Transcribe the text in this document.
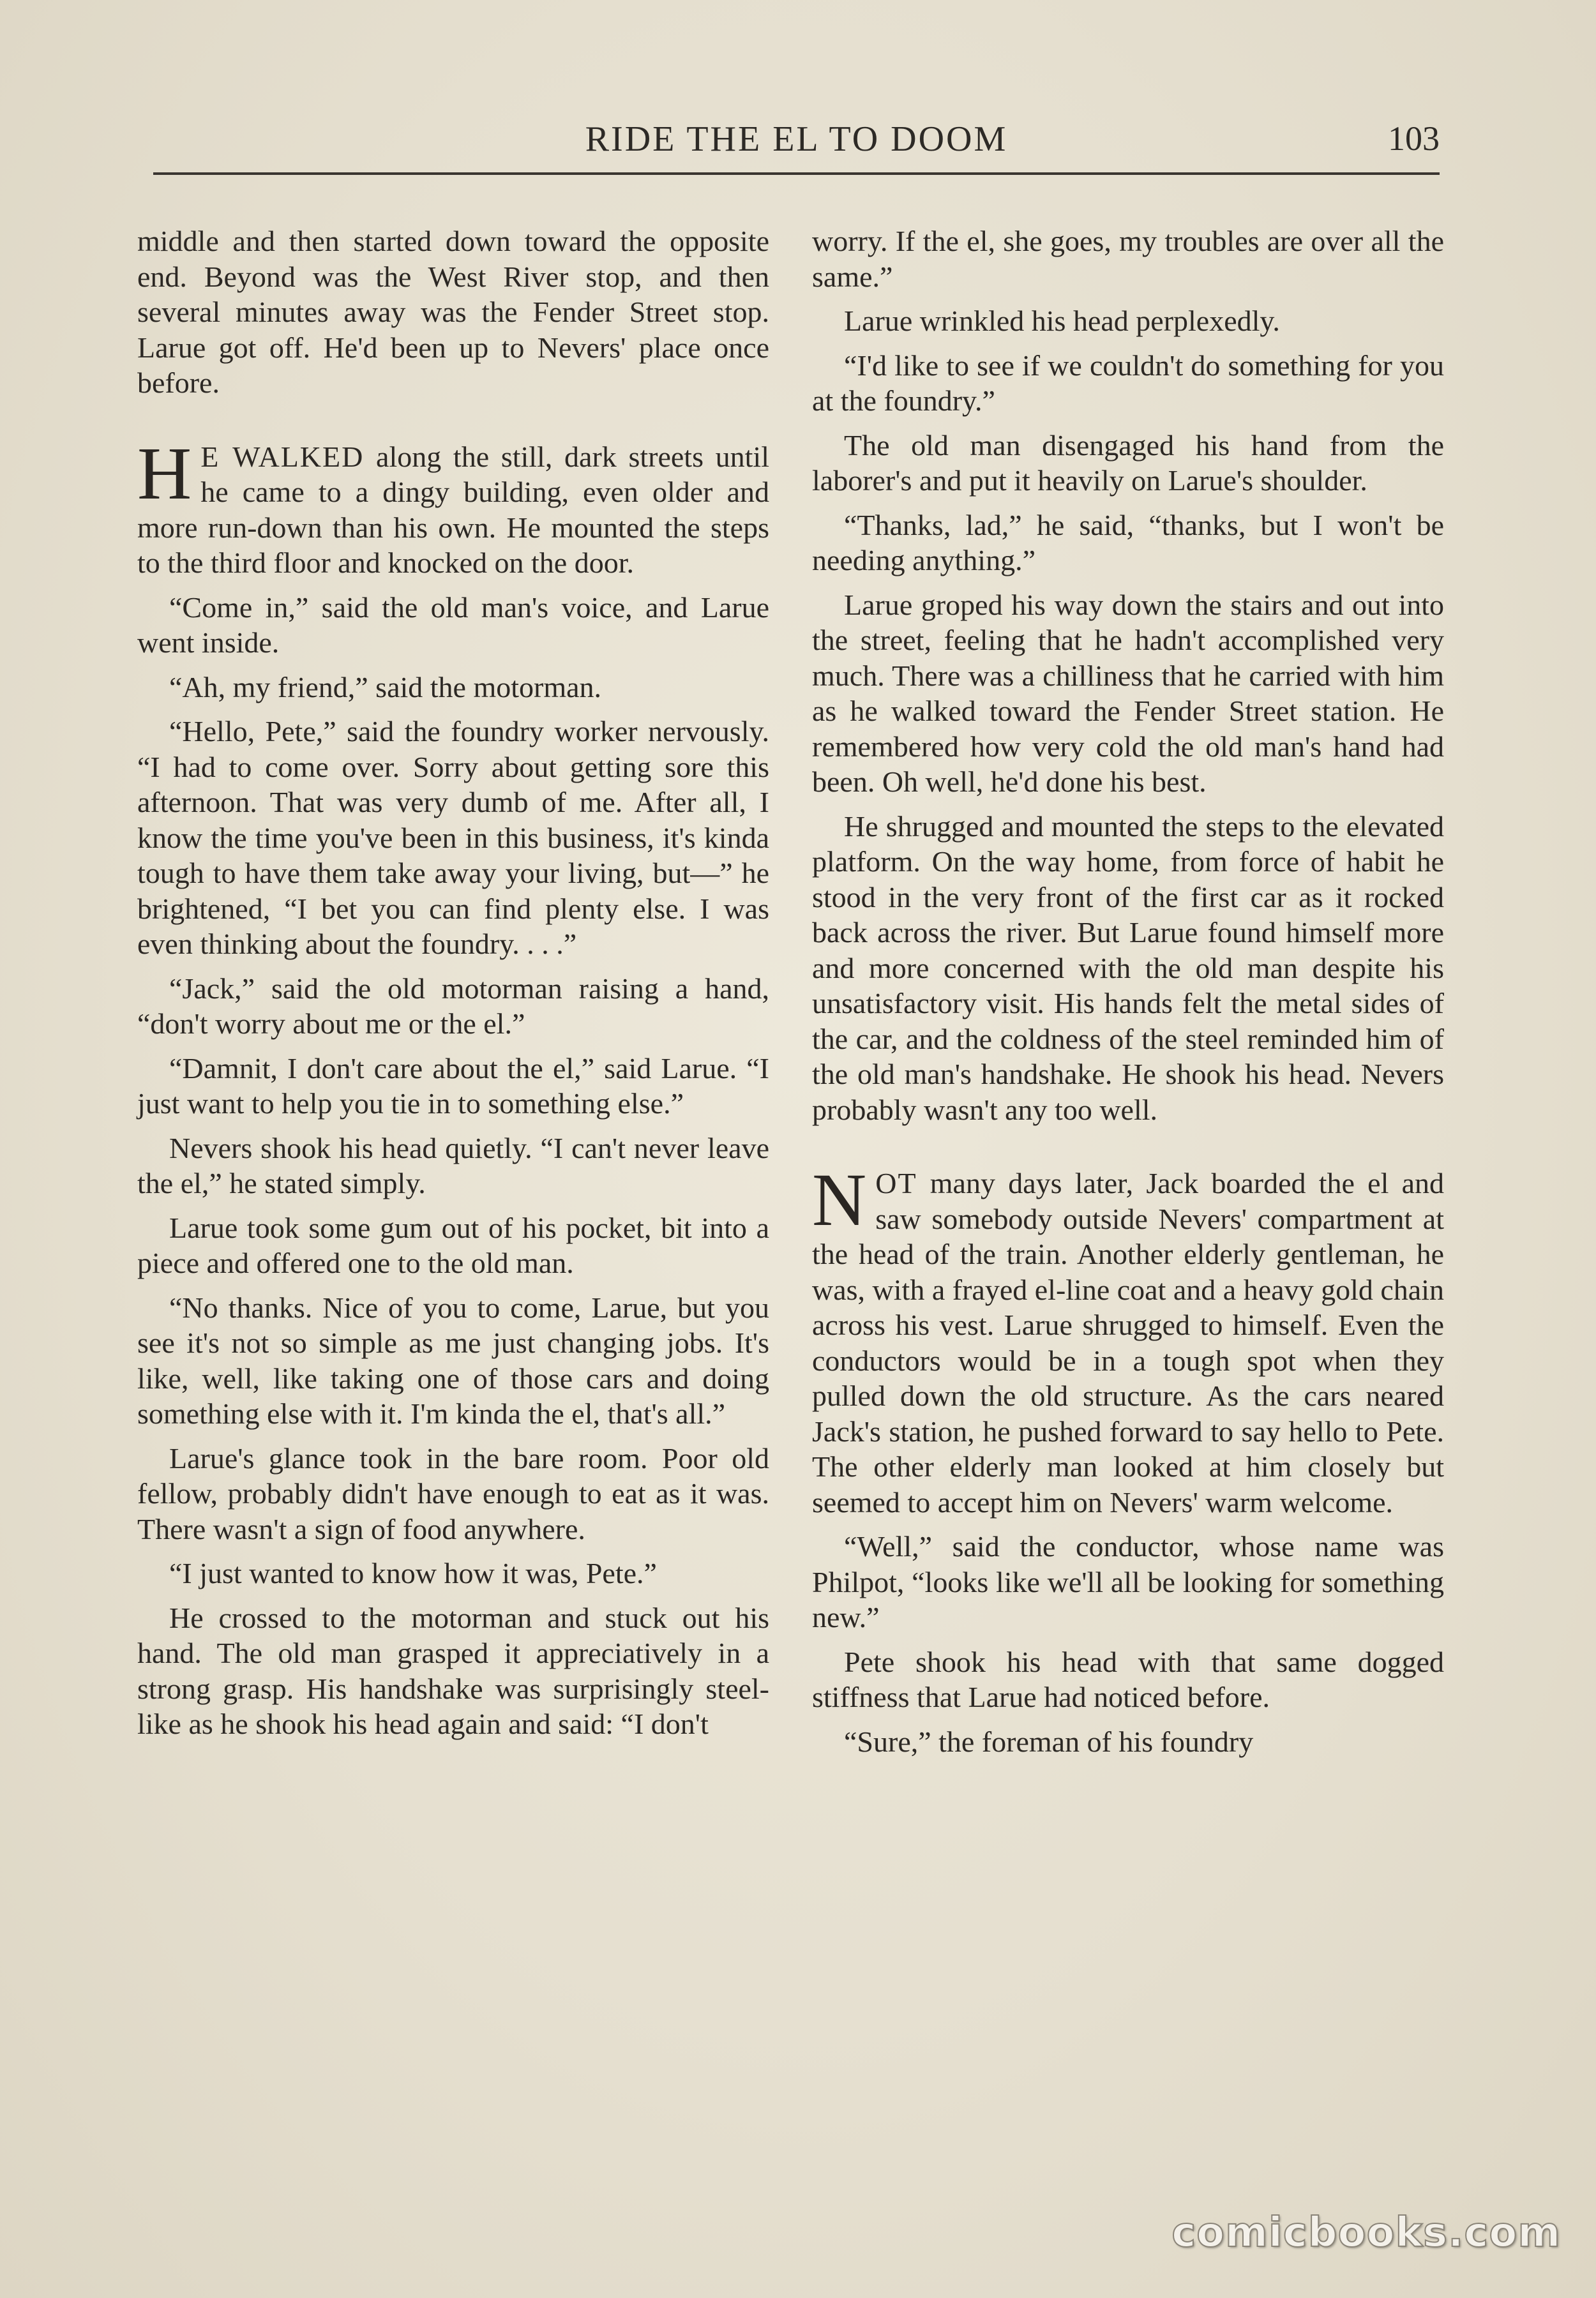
RIDE THE EL TO DOOM	103

middle and then started down toward the opposite end. Beyond was the West River stop, and then several minutes away was the Fender Street stop. Larue got off. He'd been up to Nevers' place once before.

H E WALKED along the still, dark streets until he came to a dingy building, even older and more run-down than his own. He mounted the steps to the third floor and knocked on the door.

“Come in,” said the old man's voice, and Larue went inside.

“Ah, my friend,” said the motorman.

“Hello, Pete,” said the foundry worker nervously. “I had to come over. Sorry about getting sore this afternoon. That was very dumb of me. After all, I know the time you've been in this business, it's kinda tough to have them take away your living, but—” he brightened, “I bet you can find plenty else. I was even thinking about the foundry. . . .”

“Jack,” said the old motorman raising a hand, “don't worry about me or the el.”

“Damnit, I don't care about the el,” said Larue. “I just want to help you tie in to something else.”

Nevers shook his head quietly. “I can't never leave the el,” he stated simply.

Larue took some gum out of his pocket, bit into a piece and offered one to the old man.

“No thanks. Nice of you to come, Larue, but you see it's not so simple as me just changing jobs. It's like, well, like taking one of those cars and doing something else with it. I'm kinda the el, that's all.”

Larue's glance took in the bare room. Poor old fellow, probably didn't have enough to eat as it was. There wasn't a sign of food anywhere.

“I just wanted to know how it was, Pete.”

He crossed to the motorman and stuck out his hand. The old man grasped it appreciatively in a strong grasp. His handshake was surprisingly steel-like as he shook his head again and said: “I don't

worry. If the el, she goes, my troubles are over all the same.”

Larue wrinkled his head perplexedly.

“I'd like to see if we couldn't do something for you at the foundry.”

The old man disengaged his hand from the laborer's and put it heavily on Larue's shoulder.

“Thanks, lad,” he said, “thanks, but I won't be needing anything.”

Larue groped his way down the stairs and out into the street, feeling that he hadn't accomplished very much. There was a chilliness that he carried with him as he walked toward the Fender Street station. He remembered how very cold the old man's hand had been. Oh well, he'd done his best.

He shrugged and mounted the steps to the elevated platform. On the way home, from force of habit he stood in the very front of the first car as it rocked back across the river. But Larue found himself more and more concerned with the old man despite his unsatisfactory visit. His hands felt the metal sides of the car, and the coldness of the steel reminded him of the old man's handshake. He shook his head. Nevers probably wasn't any too well.

NOT many days later, Jack boarded the el and saw somebody outside Nevers' compartment at the head of the train. Another elderly gentleman, he was, with a frayed el-line coat and a heavy gold chain across his vest. Larue shrugged to himself. Even the conductors would be in a tough spot when they pulled down the old structure. As the cars neared Jack's station, he pushed forward to say hello to Pete. The other elderly man looked at him closely but seemed to accept him on Nevers' warm welcome.

“Well,” said the conductor, whose name was Philpot, “looks like we'll all be looking for something new.”

Pete shook his head with that same dogged stiffness that Larue had noticed before.

“Sure,” the foreman of his foundry

comicbooks.com
